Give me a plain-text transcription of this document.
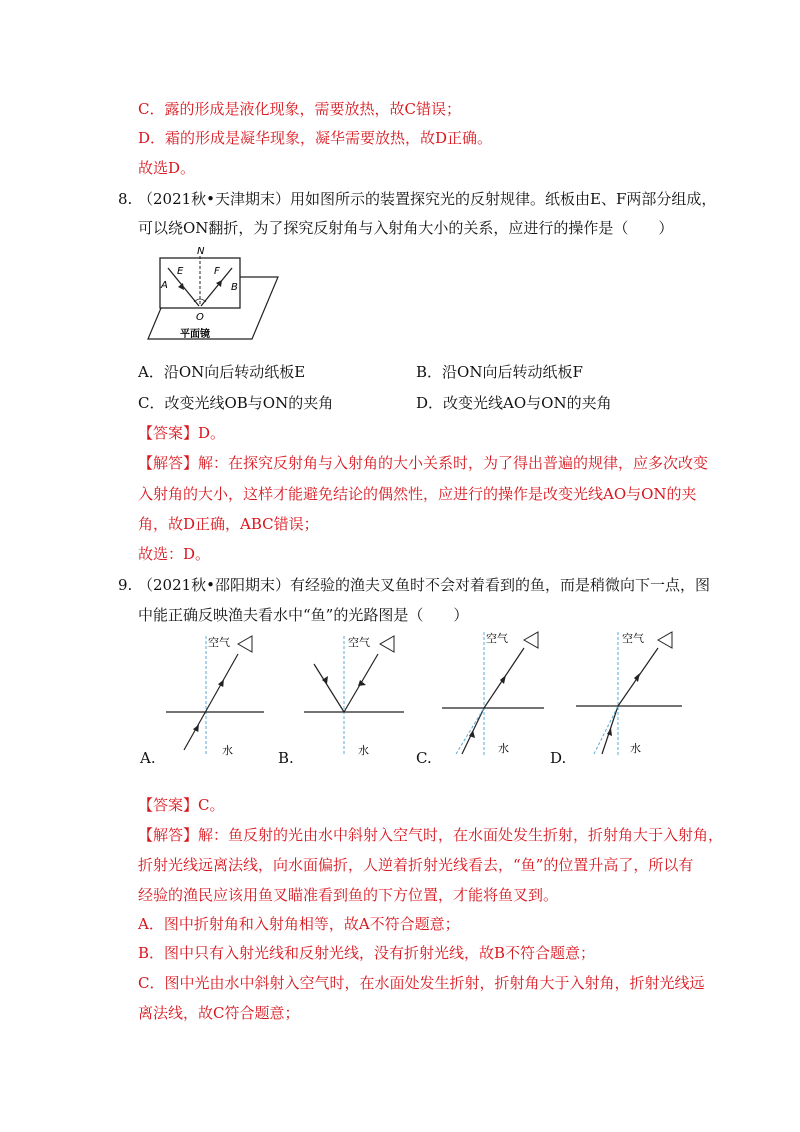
C．露的形成是液化现象，需要放热，故C错误；
D．霜的形成是凝华现象，凝华需要放热，故D正确。
故选D。
8. （2021秋•天津期末）用如图所示的装置探究光的反射规律。纸板由E、F两部分组成，
可以绕ON翻折，为了探究反射角与入射角大小的关系，应进行的操作是（　　）
N
E	F
A	B
O
平面镜
A．沿ON向后转动纸板E	B．沿ON向后转动纸板F
C．改变光线OB与ON的夹角	D．改变光线AO与ON的夹角
【答案】D。
【解答】解：在探究反射角与入射角的大小关系时，为了得出普遍的规律，应多次改变
入射角的大小，这样才能避免结论的偶然性，应进行的操作是改变光线AO与ON的夹
角，故D正确，ABC错误；
故选：D。
9. （2021秋•邵阳期末）有经验的渔夫叉鱼时不会对着看到的鱼，而是稍微向下一点，图
中能正确反映渔夫看水中“鱼”的光路图是（　　）
空气
水
A.
空气
水
B.
空气
水
C.
空气
水
D.
【答案】C。
【解答】解：鱼反射的光由水中斜射入空气时，在水面处发生折射，折射角大于入射角，
折射光线远离法线，向水面偏折，人逆着折射光线看去，“鱼”的位置升高了，所以有
经验的渔民应该用鱼叉瞄准看到鱼的下方位置，才能将鱼叉到。
A．图中折射角和入射角相等，故A不符合题意；
B．图中只有入射光线和反射光线，没有折射光线，故B不符合题意；
C．图中光由水中斜射入空气时，在水面处发生折射，折射角大于入射角，折射光线远
离法线，故C符合题意；
